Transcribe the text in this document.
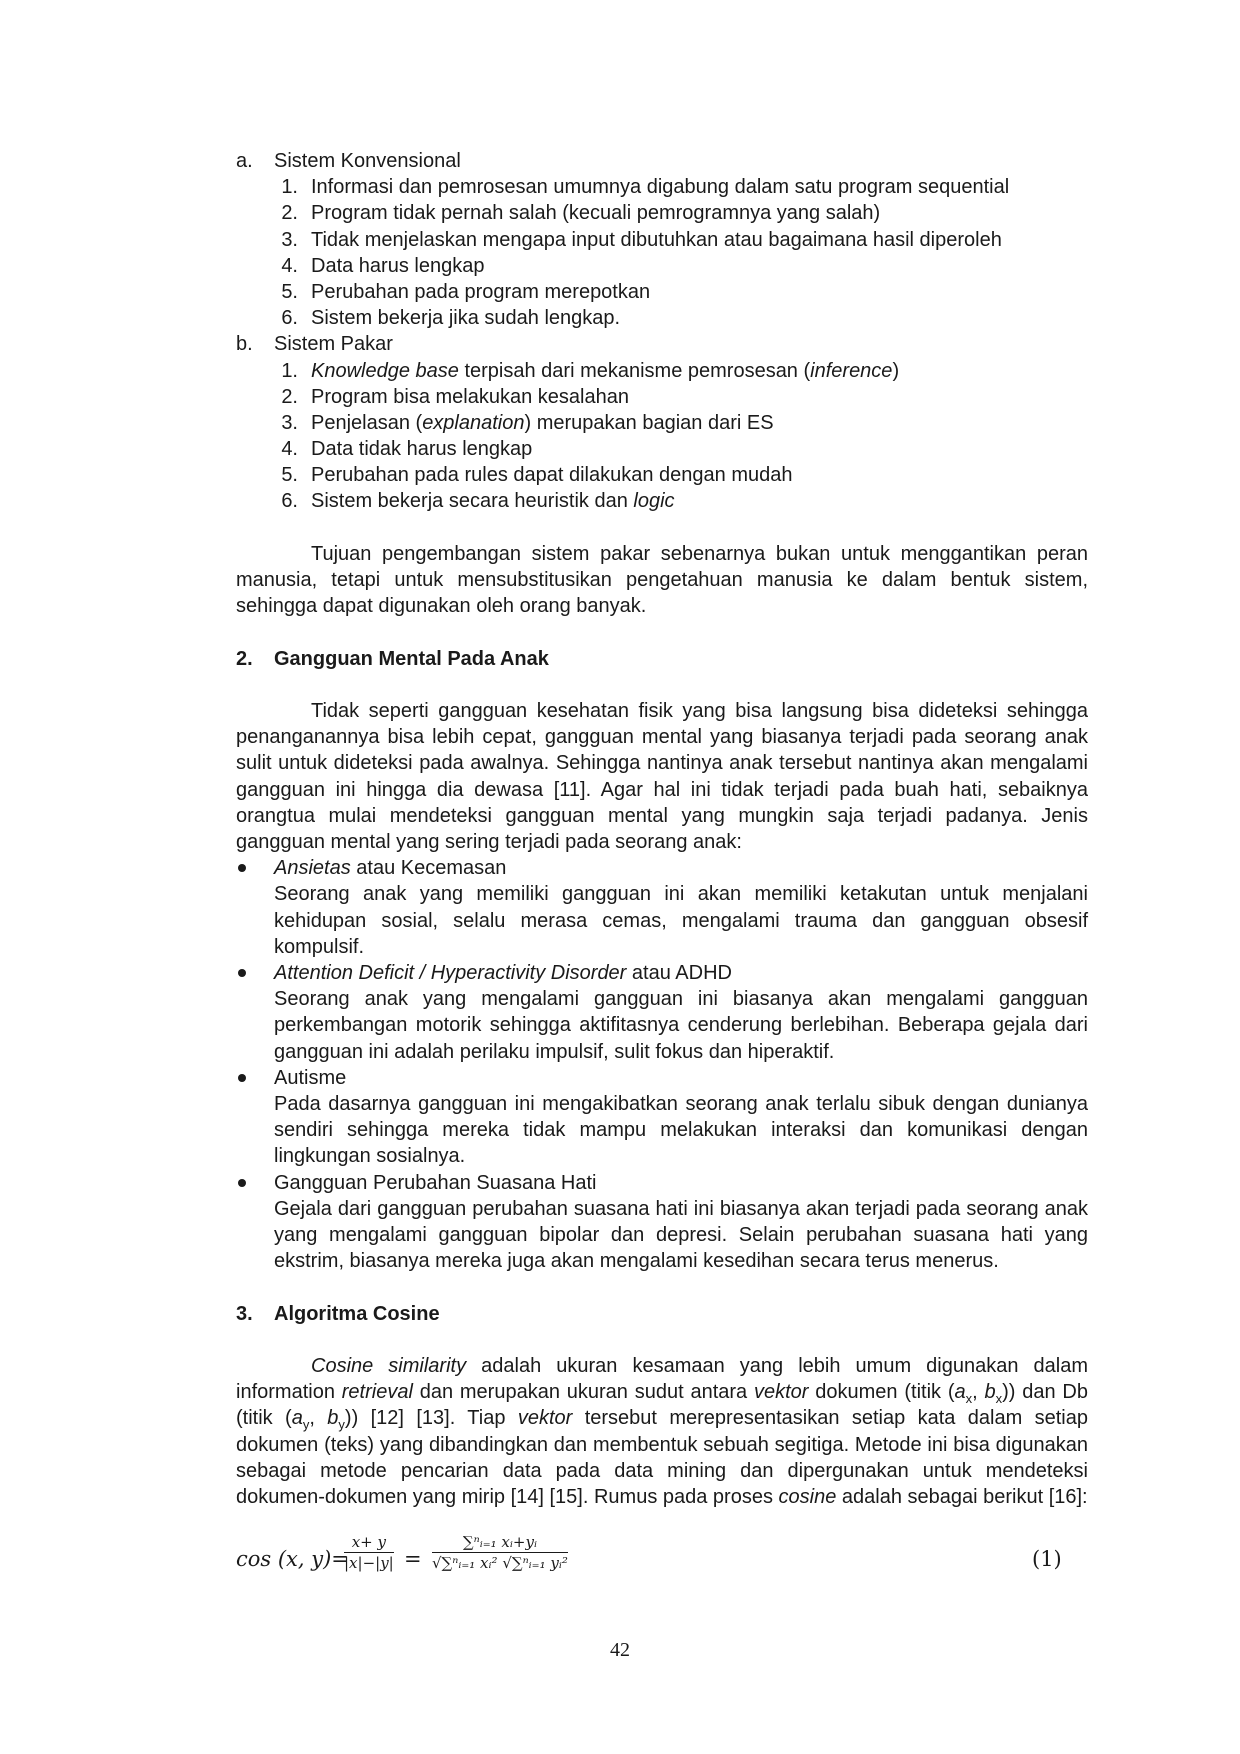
a. Sistem Konvensional
1. Informasi dan pemrosesan umumnya digabung dalam satu program sequential
2. Program tidak pernah salah (kecuali pemrogramnya yang salah)
3. Tidak menjelaskan mengapa input dibutuhkan atau bagaimana hasil diperoleh
4. Data harus lengkap
5. Perubahan pada program merepotkan
6. Sistem bekerja jika sudah lengkap.
b. Sistem Pakar
1. Knowledge base terpisah dari mekanisme pemrosesan (inference)
2. Program bisa melakukan kesalahan
3. Penjelasan (explanation) merupakan bagian dari ES
4. Data tidak harus lengkap
5. Perubahan pada rules dapat dilakukan dengan mudah
6. Sistem bekerja secara heuristik dan logic

Tujuan pengembangan sistem pakar sebenarnya bukan untuk menggantikan peran manusia, tetapi untuk mensubstitusikan pengetahuan manusia ke dalam bentuk sistem, sehingga dapat digunakan oleh orang banyak.

2. Gangguan Mental Pada Anak

Tidak seperti gangguan kesehatan fisik yang bisa langsung bisa dideteksi sehingga penanganannya bisa lebih cepat, gangguan mental yang biasanya terjadi pada seorang anak sulit untuk dideteksi pada awalnya. Sehingga nantinya anak tersebut nantinya akan mengalami gangguan ini hingga dia dewasa [11]. Agar hal ini tidak terjadi pada buah hati, sebaiknya orangtua mulai mendeteksi gangguan mental yang mungkin saja terjadi padanya. Jenis gangguan mental yang sering terjadi pada seorang anak:

Ansietas atau Kecemasan

Seorang anak yang memiliki gangguan ini akan memiliki ketakutan untuk menjalani kehidupan sosial, selalu merasa cemas, mengalami trauma dan gangguan obsesif kompulsif.

Attention Deficit / Hyperactivity Disorder atau ADHD

Seorang anak yang mengalami gangguan ini biasanya akan mengalami gangguan perkembangan motorik sehingga aktifitasnya cenderung berlebihan. Beberapa gejala dari gangguan ini adalah perilaku impulsif, sulit fokus dan hiperaktif.

Autisme

Pada dasarnya gangguan ini mengakibatkan seorang anak terlalu sibuk dengan dunianya sendiri sehingga mereka tidak mampu melakukan interaksi dan komunikasi dengan lingkungan sosialnya.

Gangguan Perubahan Suasana Hati

Gejala dari gangguan perubahan suasana hati ini biasanya akan terjadi pada seorang anak yang mengalami gangguan bipolar dan depresi. Selain perubahan suasana hati yang ekstrim, biasanya mereka juga akan mengalami kesedihan secara terus menerus.

3. Algoritma Cosine

Cosine similarity adalah ukuran kesamaan yang lebih umum digunakan dalam information retrieval dan merupakan ukuran sudut antara vektor dokumen (titik ($a_x$, $b_x$)) dan Db (titik ($a_y$, $b_y$)) [12] [13]. Tiap vektor tersebut merepresentasikan setiap kata dalam setiap dokumen (teks) yang dibandingkan dan membentuk sebuah segitiga. Metode ini bisa digunakan sebagai metode pencarian data pada data mining dan dipergunakan untuk mendeteksi dokumen-dokumen yang mirip [14] [15]. Rumus pada proses cosine adalah sebagai berikut [16]:

cos (x, y)=
x+ y
|x|−|y| =
∑ⁿᵢ₌₁ xᵢ+yᵢ
√∑ⁿᵢ₌₁ xᵢ² √∑ⁿᵢ₌₁ yᵢ²	(1)
42
